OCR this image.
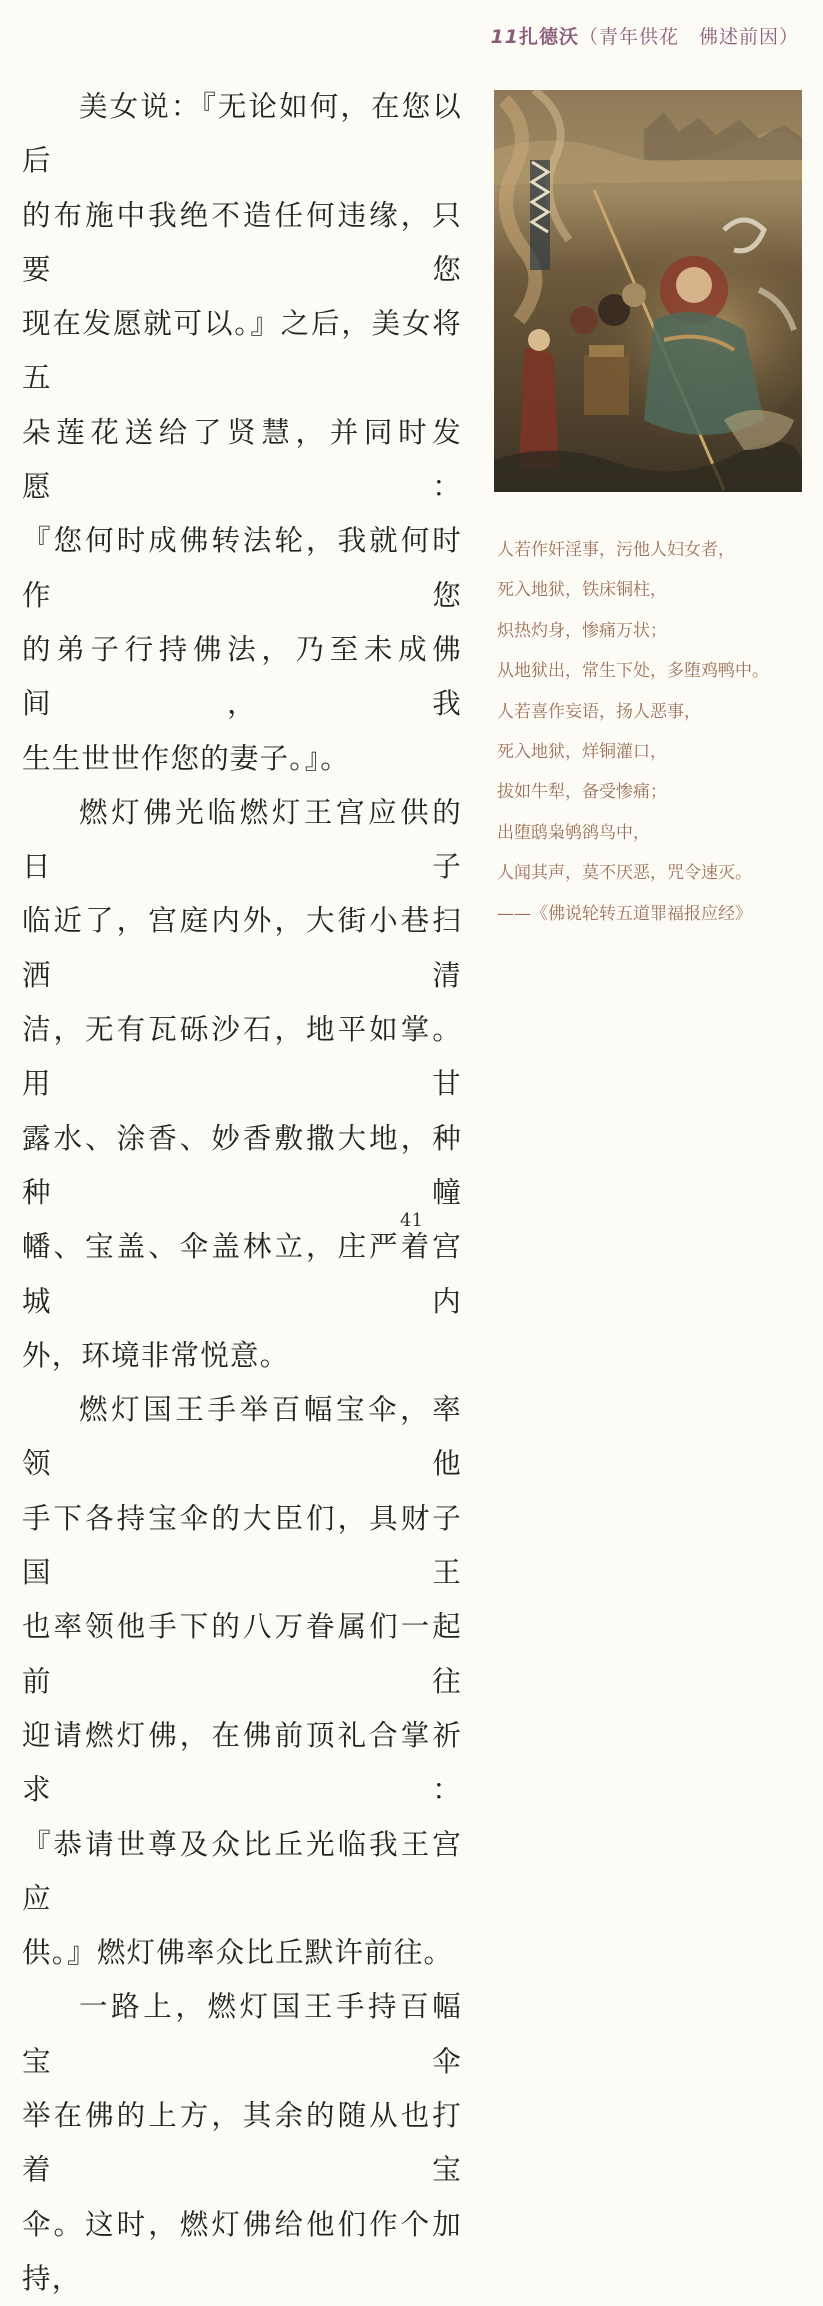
11扎德沃（青年供花　佛述前因）

美女说：『无论如何，在您以后

的布施中我绝不造任何违缘，只要您

现在发愿就可以。』之后，美女将五

朵莲花送给了贤慧，并同时发愿：

『您何时成佛转法轮，我就何时作您

的弟子行持佛法，乃至未成佛间，我

生生世世作您的妻子。』。

燃灯佛光临燃灯王宫应供的日子

临近了，宫庭内外，大街小巷扫洒清

洁，无有瓦砾沙石，地平如掌。用甘

露水、涂香、妙香敷撒大地，种种幢

幡、宝盖、伞盖林立，庄严着宫城内

外，环境非常悦意。

燃灯国王手举百幅宝伞，率领他

手下各持宝伞的大臣们，具财子国王

也率领他手下的八万眷属们一起前往

迎请燃灯佛，在佛前顶礼合掌祈求：

『恭请世尊及众比丘光临我王宫应

供。』燃灯佛率众比丘默许前往。

一路上，燃灯国王手持百幅宝伞

举在佛的上方，其余的随从也打着宝

伞。这时，燃灯佛给他们作个加持，

人若作奸淫事，污他人妇女者，
死入地狱，铁床铜柱，
炽热灼身，惨痛万状；
从地狱出，常生下处，多堕鸡鸭中。
人若喜作妄语，扬人恶事，
死入地狱，烊铜灌口，
拔如牛犁，备受惨痛；
出堕鸱枭鸲鹆鸟中，
人闻其声，莫不厌恶，咒令速灭。
——《佛说轮转五道罪福报应经》
41
